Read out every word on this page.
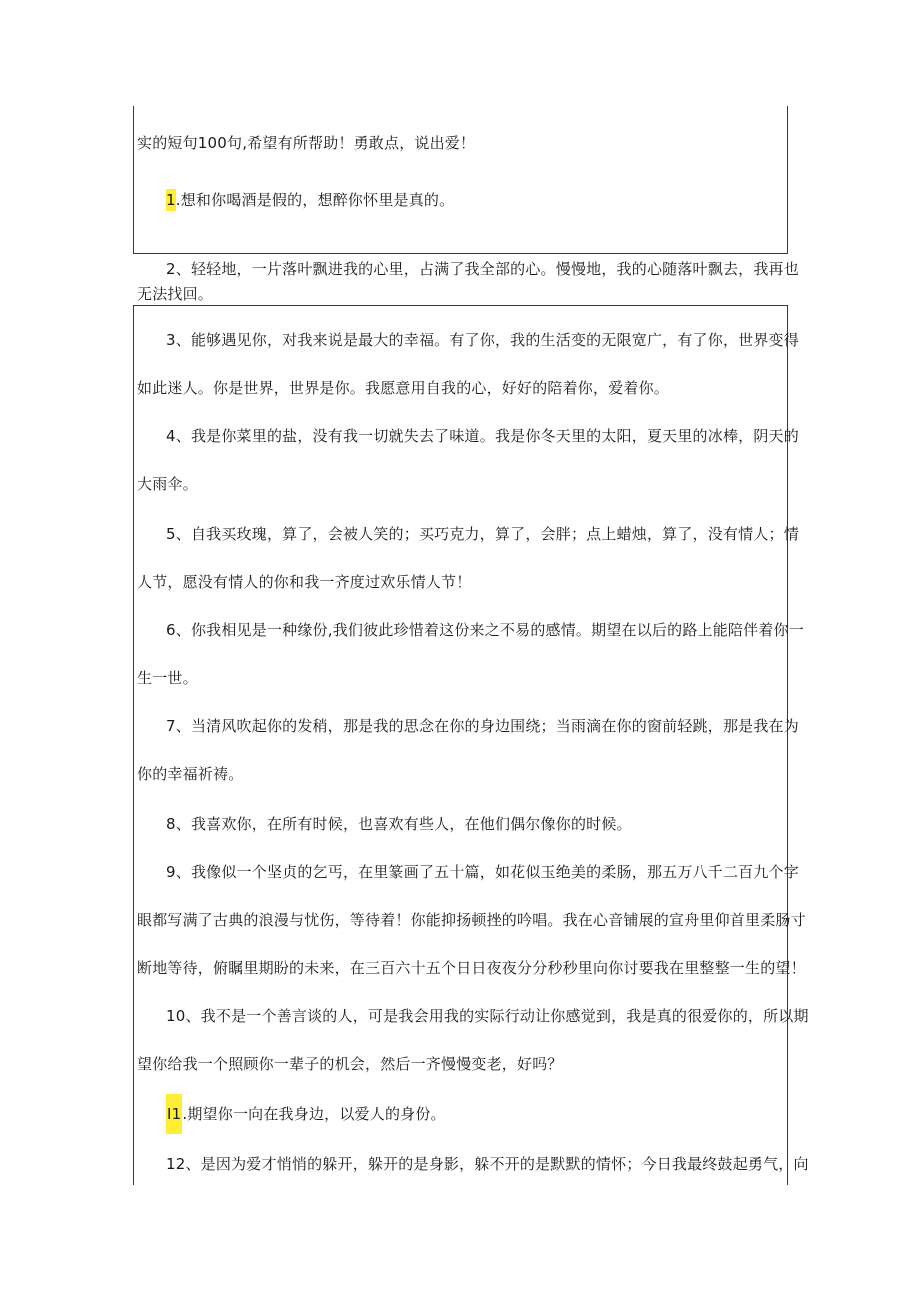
实的短句100句,希望有所帮助！勇敢点，说出爱！
1.想和你喝酒是假的，想醉你怀里是真的。
2、轻轻地，一片落叶飘进我的心里，占满了我全部的心。慢慢地，我的心随落叶飘去，我再也
无法找回。
3、能够遇见你，对我来说是最大的幸福。有了你，我的生活变的无限宽广，有了你，世界变得
如此迷人。你是世界，世界是你。我愿意用自我的心，好好的陪着你，爱着你。
4、我是你菜里的盐，没有我一切就失去了味道。我是你冬天里的太阳，夏天里的冰棒，阴天的
大雨伞。
5、自我买玫瑰，算了，会被人笑的；买巧克力，算了，会胖；点上蜡烛，算了，没有情人；情
人节，愿没有情人的你和我一齐度过欢乐情人节！
6、你我相见是一种缘份,我们彼此珍惜着这份来之不易的感情。期望在以后的路上能陪伴着你一
生一世。
7、当清风吹起你的发稍，那是我的思念在你的身边围绕；当雨滴在你的窗前轻跳，那是我在为
你的幸福祈祷。
8、我喜欢你，在所有时候，也喜欢有些人，在他们偶尔像你的时候。
9、我像似一个坚贞的乞丐，在里篆画了五十篇，如花似玉绝美的柔肠，那五万八千二百九个字
眼都写满了古典的浪漫与忧伤，等待着！你能抑扬顿挫的吟唱。我在心音铺展的宣舟里仰首里柔肠寸
断地等待，俯瞩里期盼的未来，在三百六十五个日日夜夜分分秒秒里向你讨要我在里整整一生的望！
10、我不是一个善言谈的人，可是我会用我的实际行动让你感觉到，我是真的很爱你的，所以期
望你给我一个照顾你一辈子的机会，然后一齐慢慢变老，好吗？
I1.期望你一向在我身边，以爱人的身份。
12、是因为爱才悄悄的躲开，躲开的是身影，躲不开的是默默的情怀；今日我最终鼓起勇气，向
